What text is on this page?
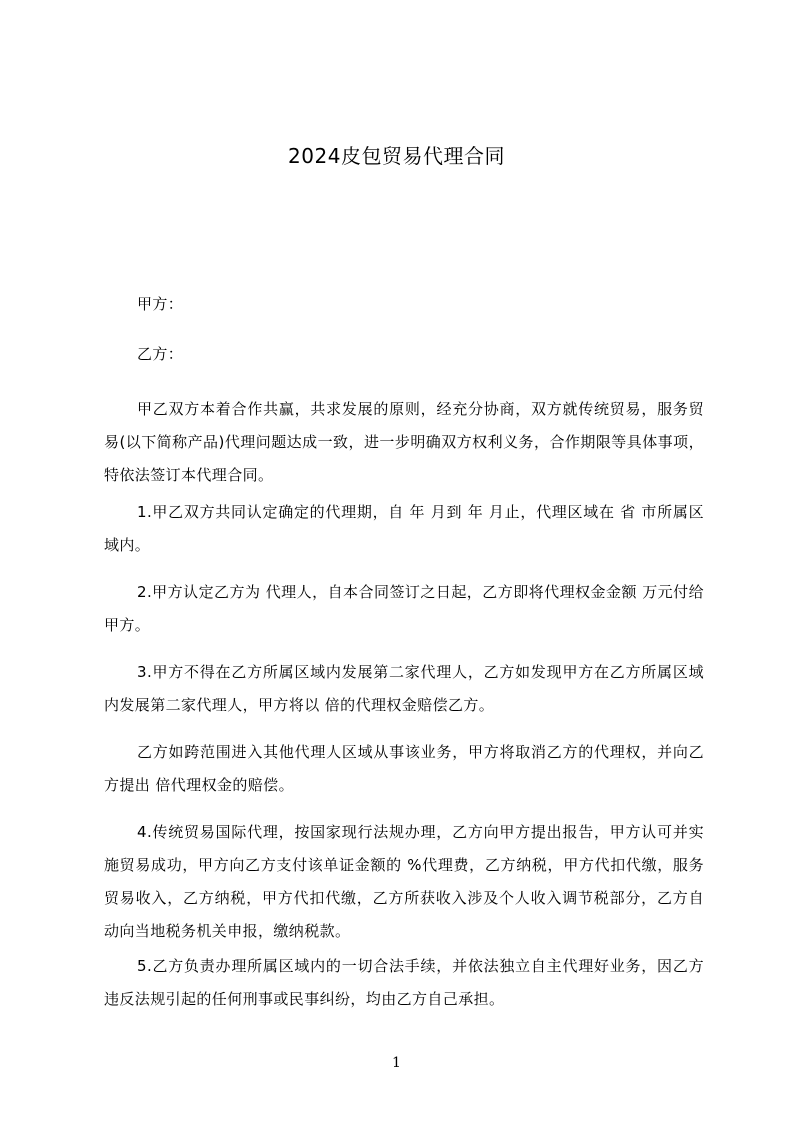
2024皮包贸易代理合同
甲方：
乙方：
甲乙双方本着合作共赢，共求发展的原则，经充分协商，双方就传统贸易，服务贸易(以下简称产品)代理问题达成一致，进一步明确双方权利义务，合作期限等具体事项，特依法签订本代理合同。
1.甲乙双方共同认定确定的代理期，自 年 月到 年 月止，代理区域在 省 市所属区域内。
2.甲方认定乙方为 代理人，自本合同签订之日起，乙方即将代理权金金额 万元付给甲方。
3.甲方不得在乙方所属区域内发展第二家代理人，乙方如发现甲方在乙方所属区域内发展第二家代理人，甲方将以 倍的代理权金赔偿乙方。
乙方如跨范围进入其他代理人区域从事该业务，甲方将取消乙方的代理权，并向乙方提出 倍代理权金的赔偿。
4.传统贸易国际代理，按国家现行法规办理，乙方向甲方提出报告，甲方认可并实施贸易成功，甲方向乙方支付该单证金额的 %代理费，乙方纳税，甲方代扣代缴，服务贸易收入，乙方纳税，甲方代扣代缴，乙方所获收入涉及个人收入调节税部分，乙方自动向当地税务机关申报，缴纳税款。
5.乙方负责办理所属区域内的一切合法手续，并依法独立自主代理好业务，因乙方违反法规引起的任何刑事或民事纠纷，均由乙方自己承担。
1
